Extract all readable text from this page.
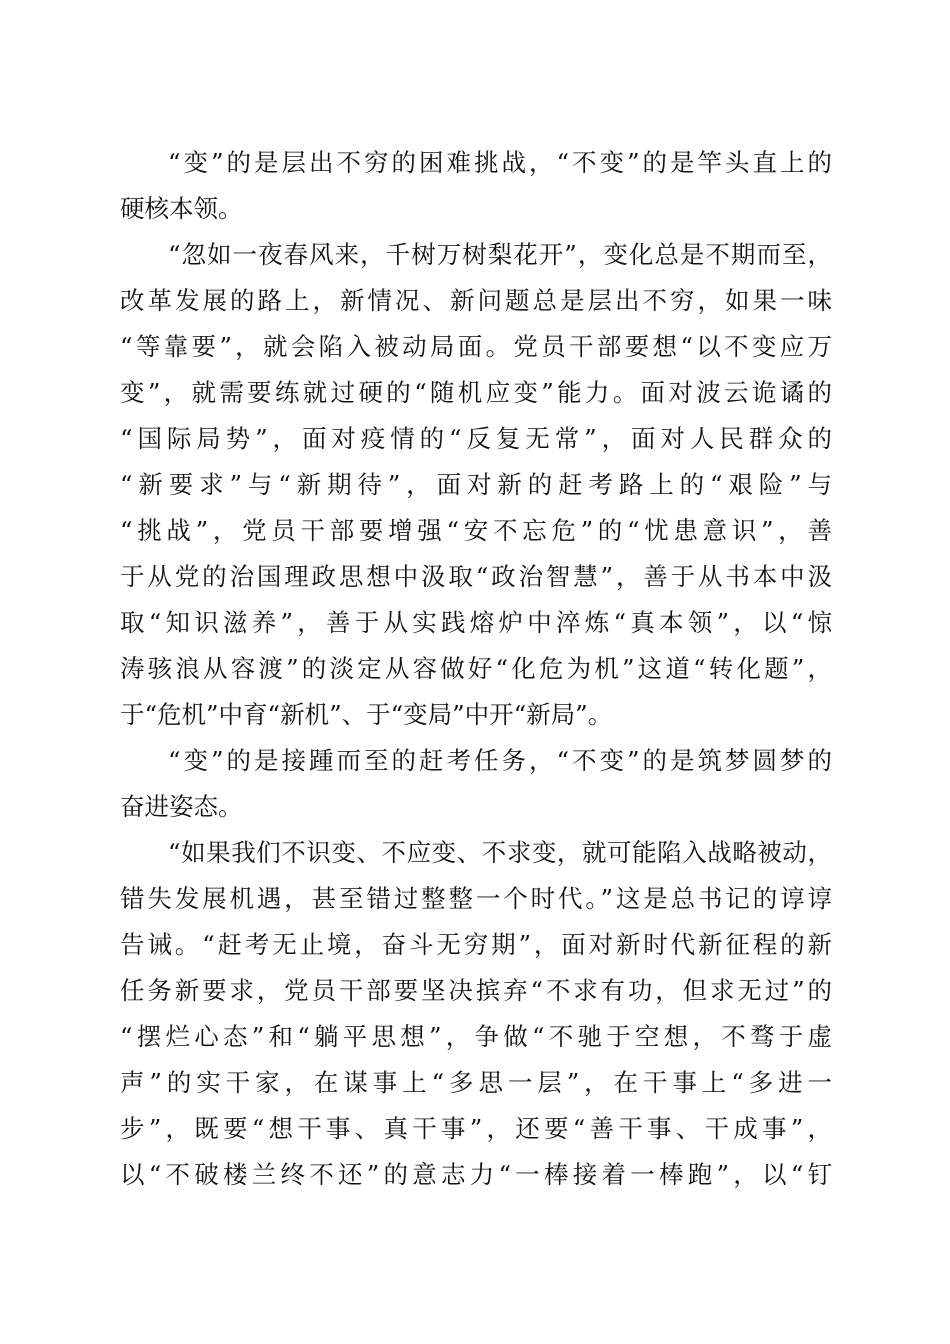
“变”的是层出不穷的困难挑战，“不变”的是竿头直上的
硬核本领。
“忽如一夜春风来，千树万树梨花开”，变化总是不期而至，
改革发展的路上，新情况、新问题总是层出不穷，如果一味
“等靠要”，就会陷入被动局面。党员干部要想“以不变应万
变”，就需要练就过硬的“随机应变”能力。面对波云诡谲的
“国际局势”，面对疫情的“反复无常”，面对人民群众的
“新要求”与“新期待”，面对新的赶考路上的“艰险”与
“挑战”，党员干部要增强“安不忘危”的“忧患意识”，善
于从党的治国理政思想中汲取“政治智慧”，善于从书本中汲
取“知识滋养”，善于从实践熔炉中淬炼“真本领”，以“惊
涛骇浪从容渡”的淡定从容做好“化危为机”这道“转化题”，
于“危机”中育“新机”、于“变局”中开“新局”。
“变”的是接踵而至的赶考任务，“不变”的是筑梦圆梦的
奋进姿态。
“如果我们不识变、不应变、不求变，就可能陷入战略被动，
错失发展机遇，甚至错过整整一个时代。”这是总书记的谆谆
告诫。“赶考无止境，奋斗无穷期”，面对新时代新征程的新
任务新要求，党员干部要坚决摈弃“不求有功，但求无过”的
“摆烂心态”和“躺平思想”，争做“不驰于空想，不骛于虚
声”的实干家，在谋事上“多思一层”，在干事上“多进一
步”，既要“想干事、真干事”，还要“善干事、干成事”，
以“不破楼兰终不还”的意志力“一棒接着一棒跑”，以“钉
